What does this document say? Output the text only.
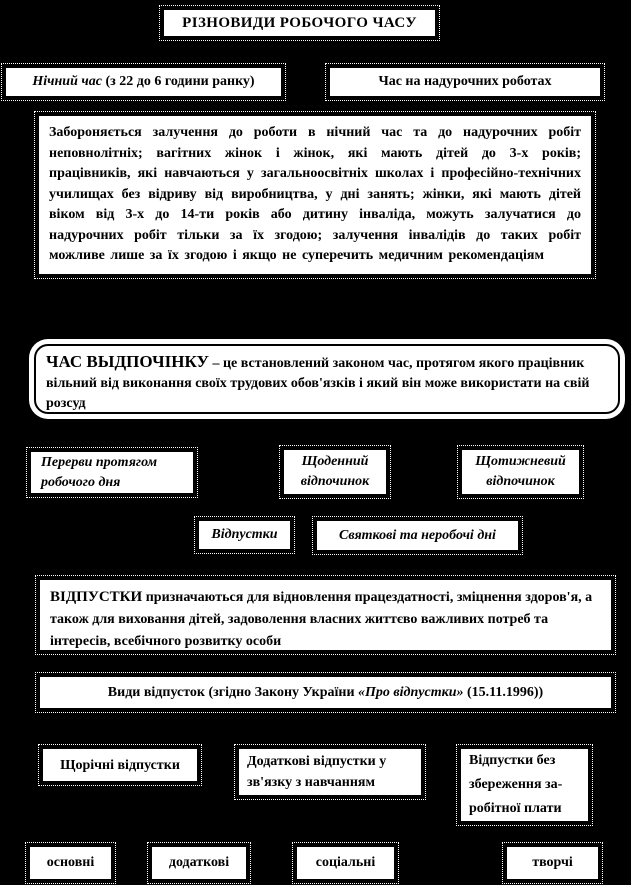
РІЗНОВИДИ РОБОЧОГО ЧАСУ
Нічний час (з 22 до 6 години ранку)	Час на надурочних роботах
Забороняється залучення до роботи в нічний час та до надурочних робіт неповнолітніх; вагітних жінок і жінок, які мають дітей до 3-х років; працівників, які навчаються у загальноосвітніх школах і професійно-технічних училищах без відриву від виробництва, у дні занять; жінки, які мають дітей віком від 3-х до 14-ти років або дитину інваліда, можуть залучатися до надурочних робіт тільки за їх згодою; залучення інвалідів до таких робіт можливе лише за їх згодою і якщо не суперечить медичним рекомендаціям
ЧАС ВЫДПОЧІНКУ – це встановлений законом час, протягом якого працівник вільний від виконання своїх трудових обов'язків і який він може використати на свій розсуд
Перерви протягом робочого дня
Щоденний відпочинок
Щотижневий відпочинок
Відпустки	Святкові та неробочі дні
ВІДПУСТКИ призначаються для відновлення працездатності, зміцнення здоров'я, а також для виховання дітей, задоволення власних життєво важливих потреб та інтересів, всебічного розвитку особи
Види відпусток (згідно Закону України «Про відпустки» (15.11.1996))
Щорічні відпустки	Додаткові відпустки у зв'язку з навчанням
Відпустки без збереження за-робітної плати
основні	додаткові	соціальні	творчі
